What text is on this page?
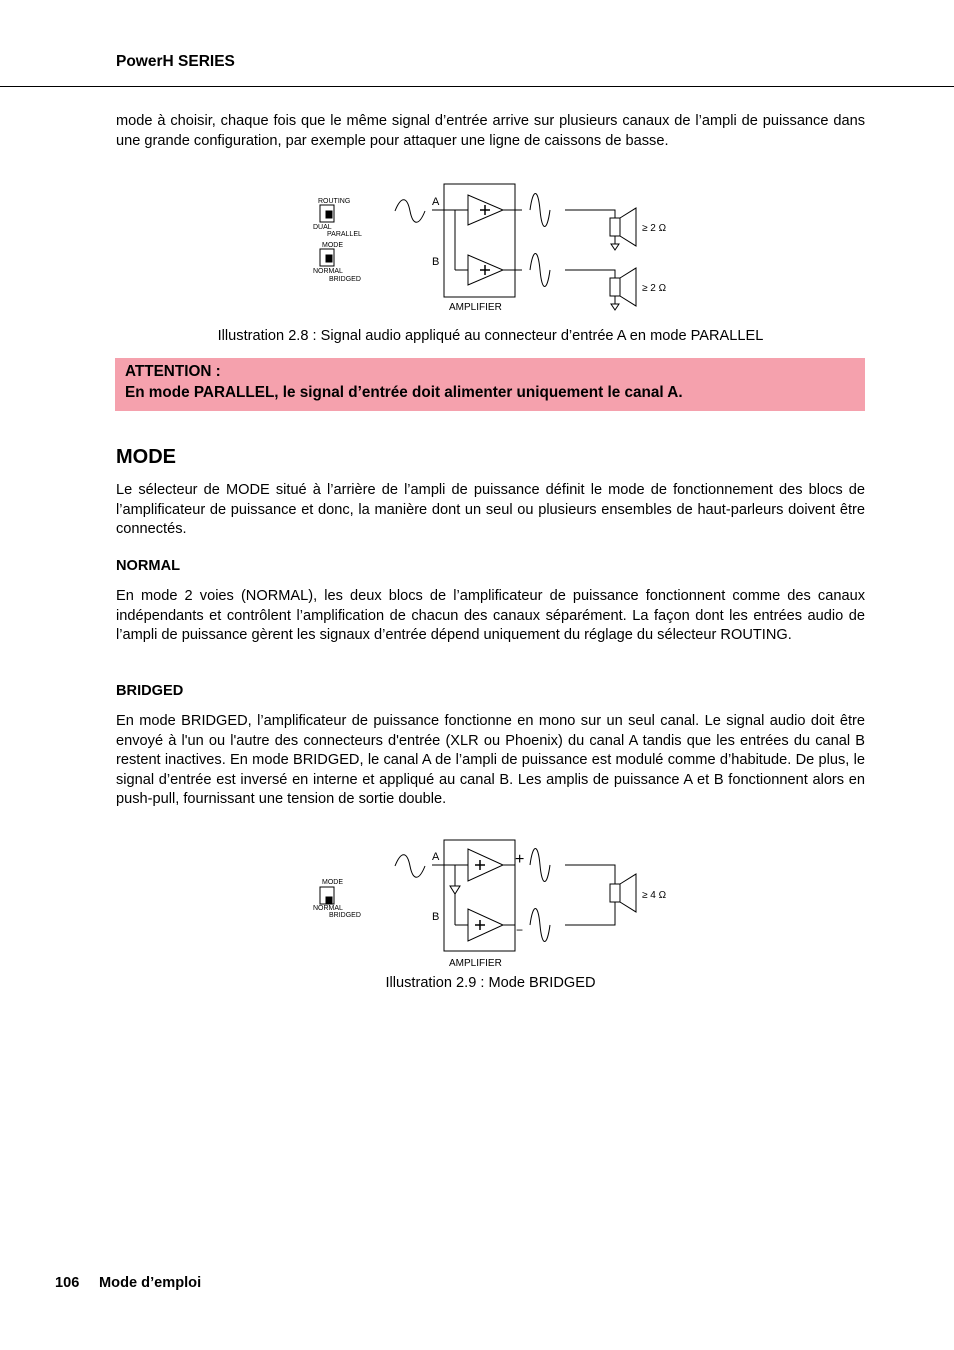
PowerH SERIES

mode à choisir, chaque fois que le même signal d’entrée arrive sur plusieurs canaux de l’ampli de puissance dans une grande configuration, par exemple pour attaquer une ligne de caissons de basse.

ROUTING
DUAL
PARALLEL
MODE
NORMAL
BRIDGED
A
B
AMPLIFIER
≥ 2 Ω
≥ 2 Ω
Illustration 2.8 : Signal audio appliqué au connecteur d’entrée A en mode PARALLEL
ATTENTION :
En mode PARALLEL, le signal d’entrée doit alimenter uniquement le canal A.
MODE

Le sélecteur de MODE situé à l’arrière de l’ampli de puissance définit le mode de fonctionnement des blocs de l’amplificateur de puissance et donc, la manière dont un seul ou plusieurs ensembles de haut-parleurs doivent être connectés.

NORMAL

En mode 2 voies (NORMAL), les deux blocs de l’amplificateur de puissance fonctionnent comme des canaux indépendants et contrôlent l’amplification de chacun des canaux séparément. La façon dont les entrées audio de l’ampli de puissance gèrent les signaux d’entrée dépend uniquement du réglage du sélecteur ROUTING.

BRIDGED

En mode BRIDGED, l’amplificateur de puissance fonctionne en mono sur un seul canal. Le signal audio doit être envoyé à l'un ou l'autre des connecteurs d'entrée (XLR ou Phoenix) du canal A tandis que les entrées du canal B restent inactives. En mode BRIDGED, le canal A de l’ampli de puissance est modulé comme d’habitude. De plus, le signal d’entrée est inversé en interne et appliqué au canal B. Les amplis de puissance A et B fonctionnent alors en push-pull, fournissant une tension de sortie double.

MODE
NORMAL
BRIDGED
A
B
AMPLIFIER
+
−
≥ 4 Ω
Illustration 2.9 : Mode BRIDGED
106 Mode d’emploi
